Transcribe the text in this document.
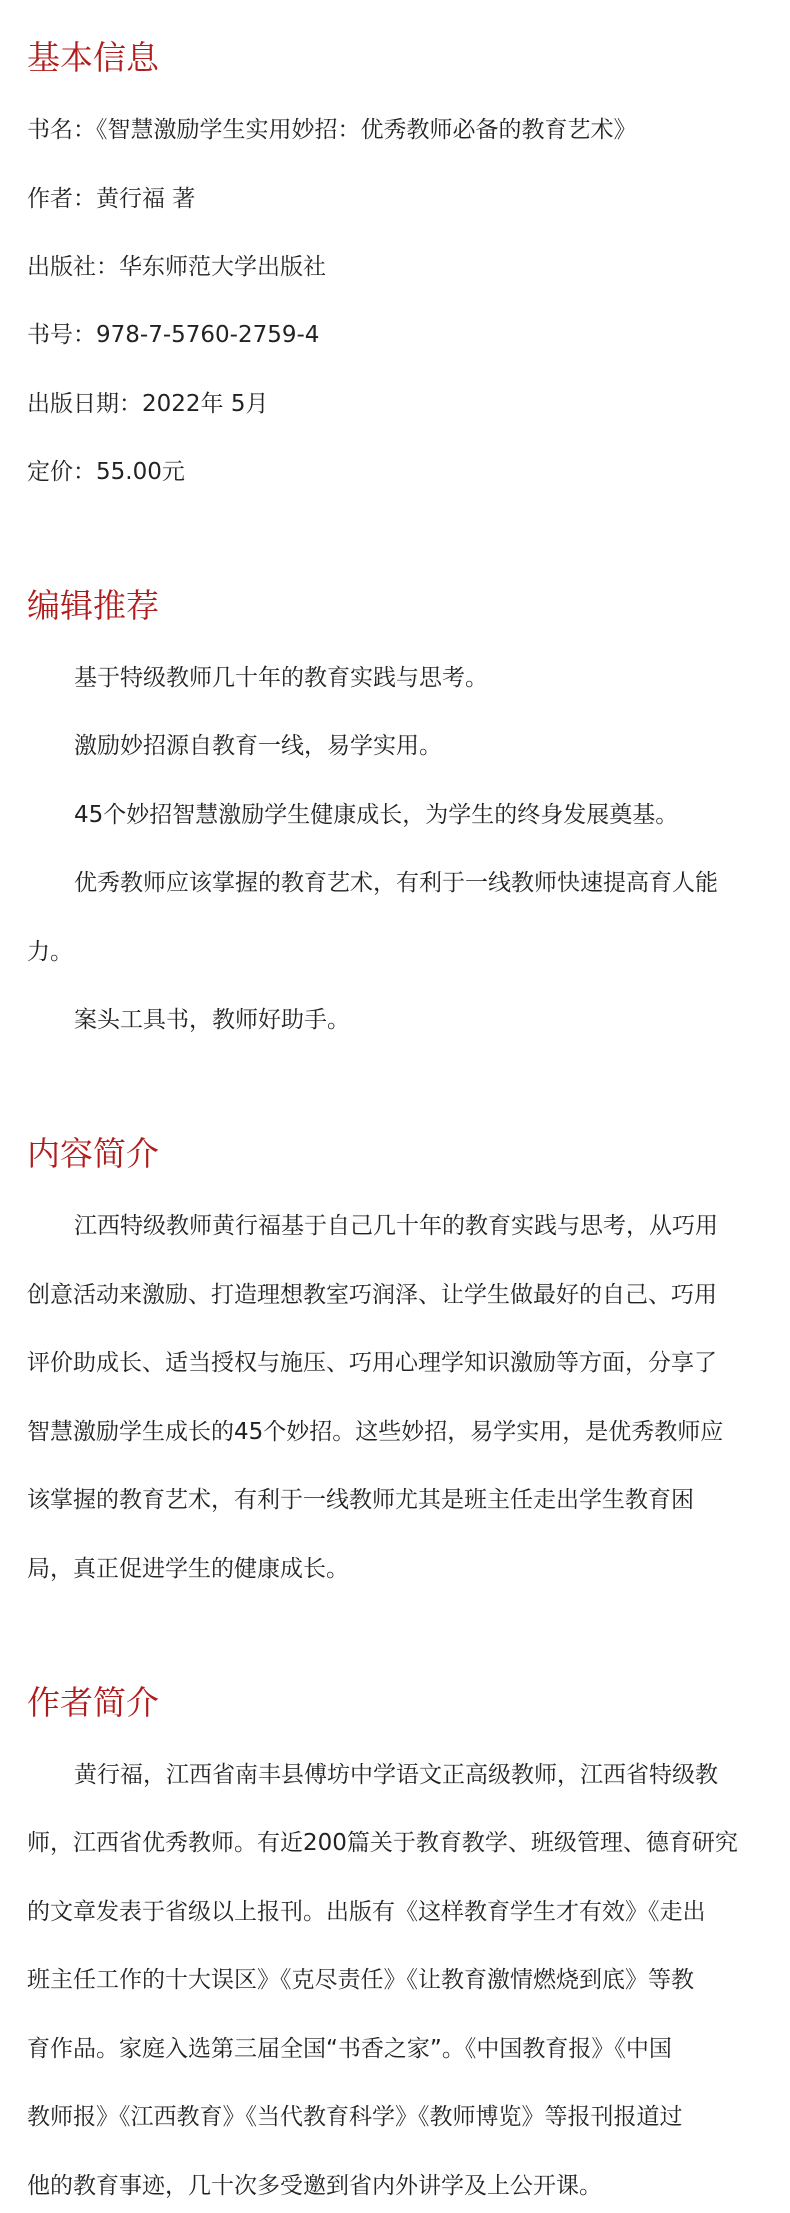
基本信息

书名：《智慧激励学生实用妙招：优秀教师必备的教育艺术》

作者：黄行福 著

出版社：华东师范大学出版社

书号：978-7-5760-2759-4

出版日期：2022年 5月

定价：55.00元

编辑推荐

基于特级教师几十年的教育实践与思考。

激励妙招源自教育一线，易学实用。

45个妙招智慧激励学生健康成长，为学生的终身发展奠基。

优秀教师应该掌握的教育艺术，有利于一线教师快速提高育人能

力。

案头工具书，教师好助手。

内容简介

江西特级教师黄行福基于自己几十年的教育实践与思考，从巧用

创意活动来激励、打造理想教室巧润泽、让学生做最好的自己、巧用

评价助成长、适当授权与施压、巧用心理学知识激励等方面，分享了

智慧激励学生成长的45个妙招。这些妙招，易学实用，是优秀教师应

该掌握的教育艺术，有利于一线教师尤其是班主任走出学生教育困

局，真正促进学生的健康成长。

作者简介

黄行福，江西省南丰县傅坊中学语文正高级教师，江西省特级教

师，江西省优秀教师。有近200篇关于教育教学、班级管理、德育研究

的文章发表于省级以上报刊。出版有《这样教育学生才有效》《走出

班主任工作的十大误区》《克尽责任》《让教育激情燃烧到底》等教

育作品。家庭入选第三届全国“书香之家”。《中国教育报》《中国

教师报》《江西教育》《当代教育科学》《教师博览》等报刊报道过

他的教育事迹，几十次多受邀到省内外讲学及上公开课。
